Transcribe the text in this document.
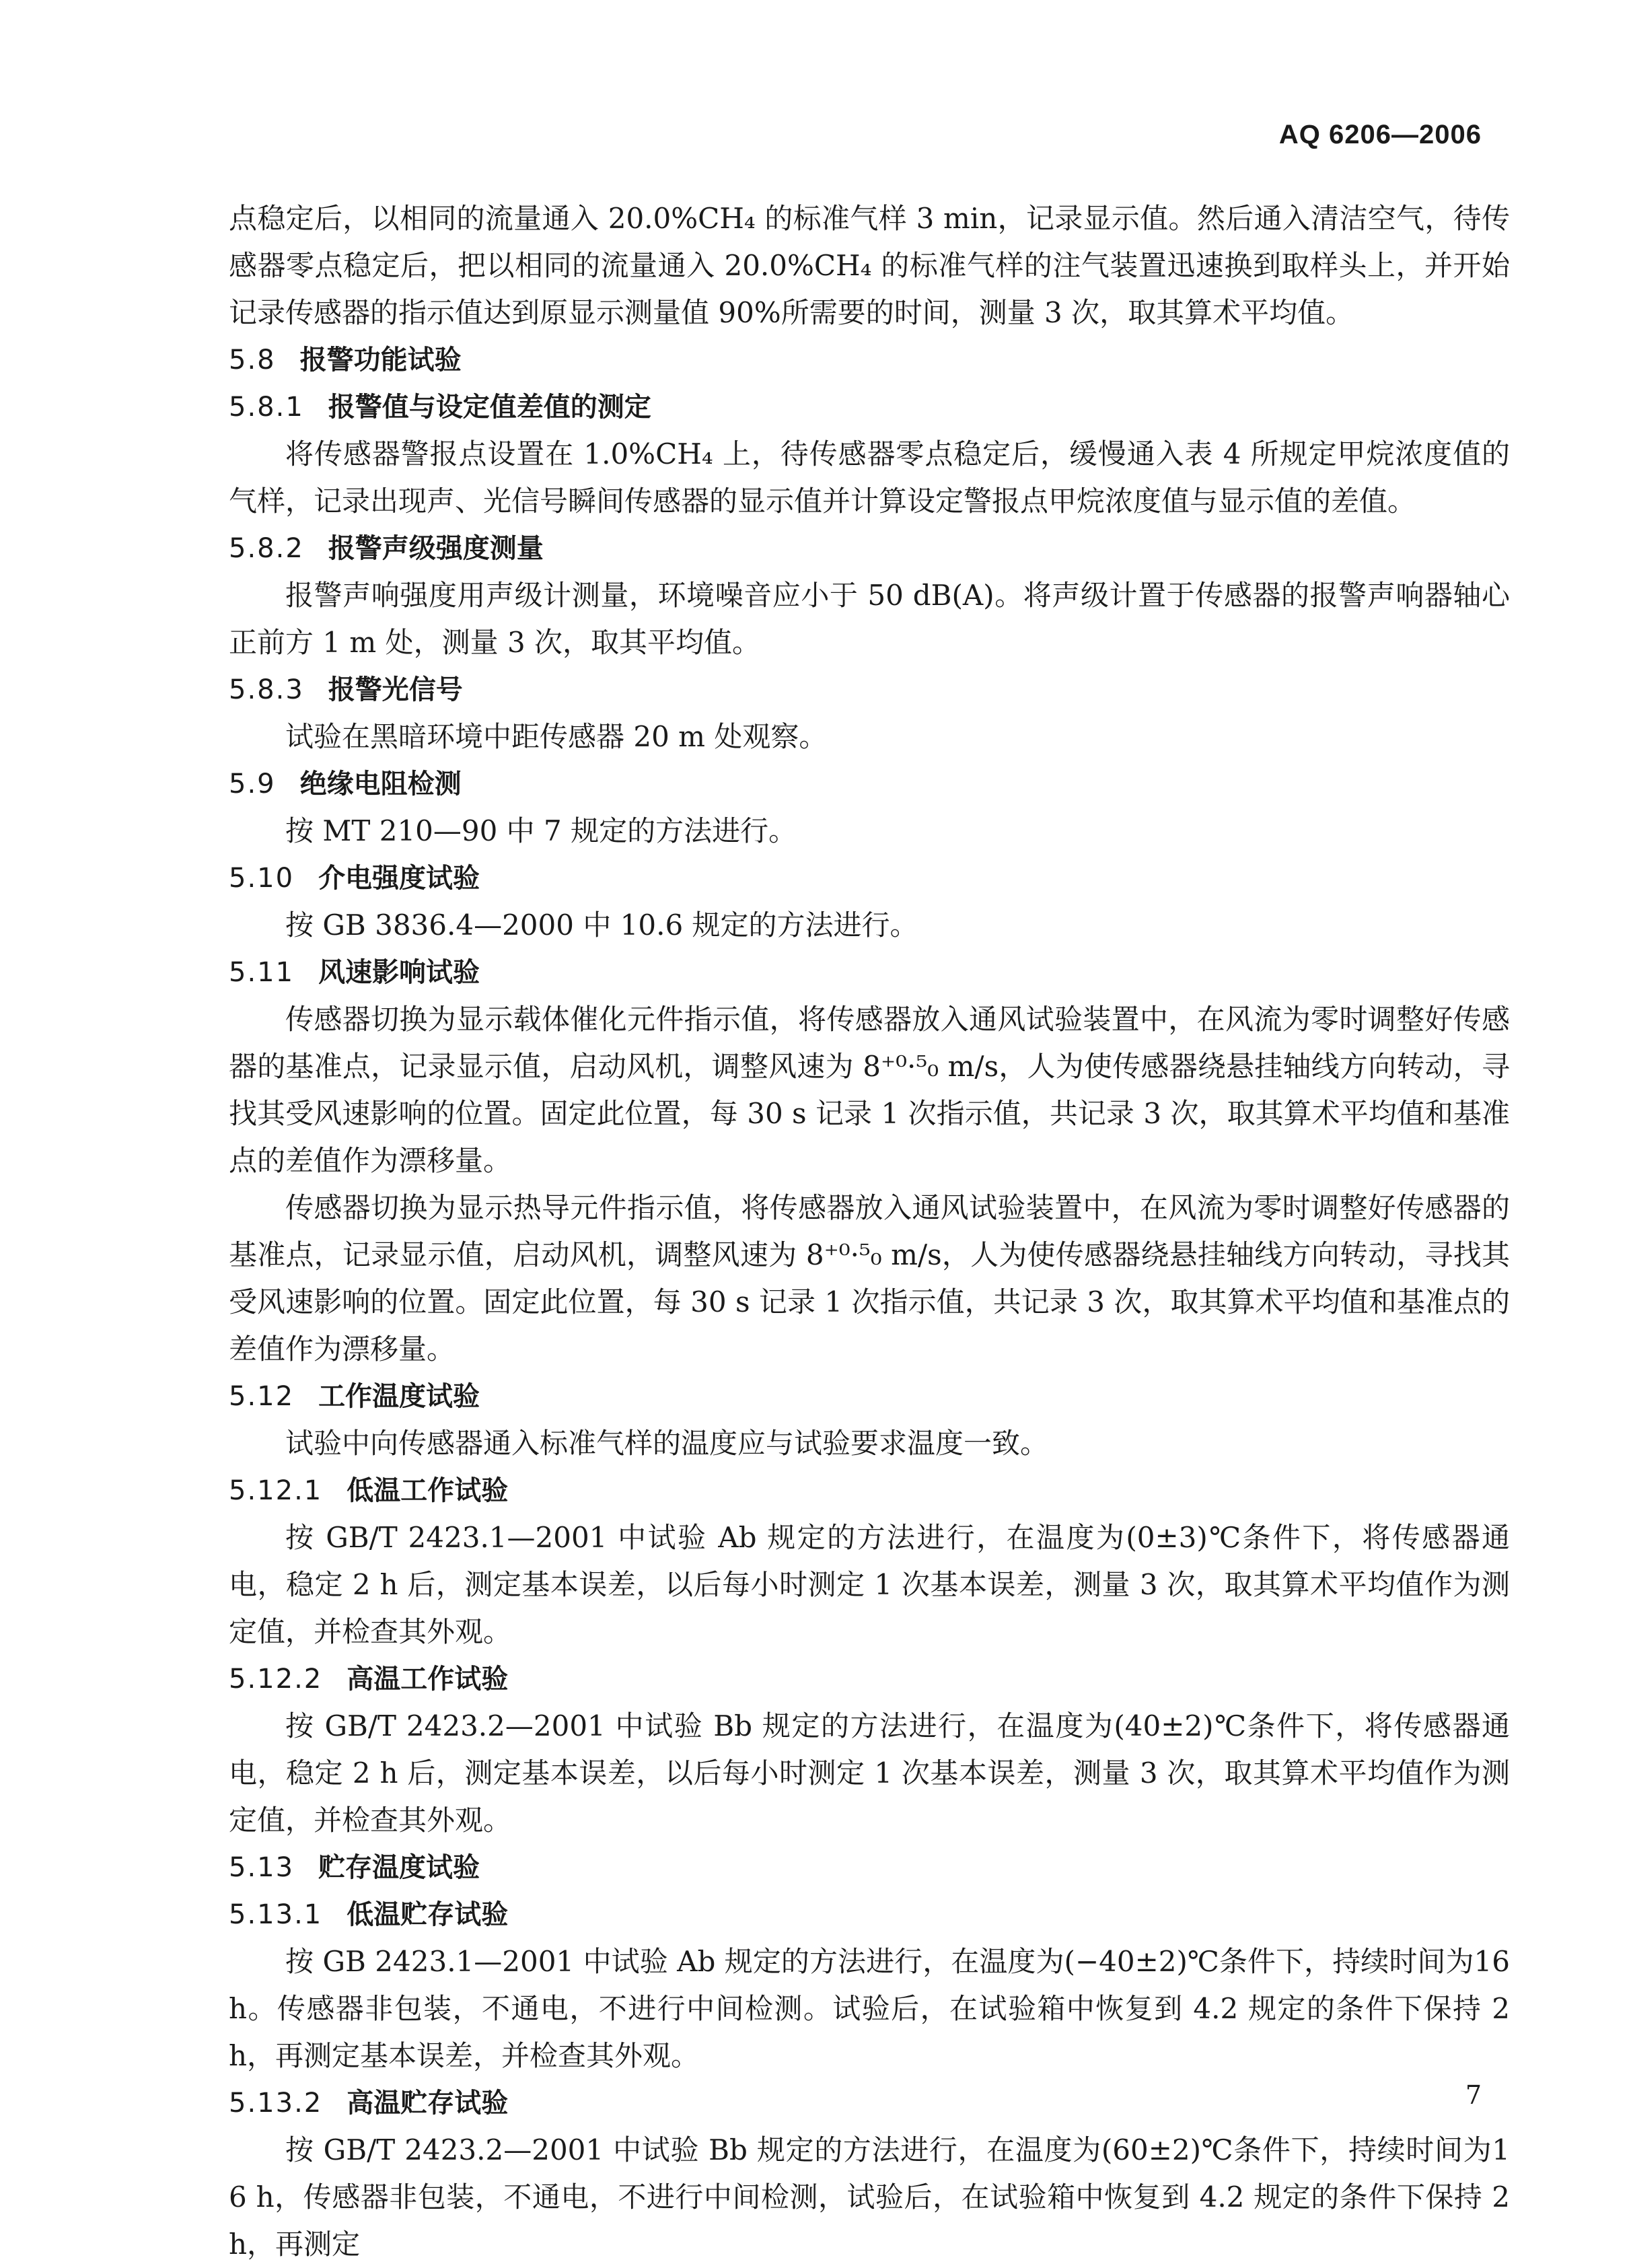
AQ 6206—2006

点稳定后，以相同的流量通入 20.0%CH₄ 的标准气样 3 min，记录显示值。然后通入清洁空气，待传感器零点稳定后，把以相同的流量通入 20.0%CH₄ 的标准气样的注气装置迅速换到取样头上，并开始记录传感器的指示值达到原显示测量值 90%所需要的时间，测量 3 次，取其算术平均值。

5.8 报警功能试验
5.8.1 报警值与设定值差值的测定

将传感器警报点设置在 1.0%CH₄ 上，待传感器零点稳定后，缓慢通入表 4 所规定甲烷浓度值的气样，记录出现声、光信号瞬间传感器的显示值并计算设定警报点甲烷浓度值与显示值的差值。

5.8.2 报警声级强度测量

报警声响强度用声级计测量，环境噪音应小于 50 dB(A)。将声级计置于传感器的报警声响器轴心正前方 1 m 处，测量 3 次，取其平均值。

5.8.3 报警光信号

试验在黑暗环境中距传感器 20 m 处观察。

5.9 绝缘电阻检测

按 MT 210—90 中 7 规定的方法进行。

5.10 介电强度试验

按 GB 3836.4—2000 中 10.6 规定的方法进行。

5.11 风速影响试验

传感器切换为显示载体催化元件指示值，将传感器放入通风试验装置中，在风流为零时调整好传感器的基准点，记录显示值，启动风机，调整风速为 8⁺⁰·⁵₀ m/s，人为使传感器绕悬挂轴线方向转动，寻找其受风速影响的位置。固定此位置，每 30 s 记录 1 次指示值，共记录 3 次，取其算术平均值和基准点的差值作为漂移量。

传感器切换为显示热导元件指示值，将传感器放入通风试验装置中，在风流为零时调整好传感器的基准点，记录显示值，启动风机，调整风速为 8⁺⁰·⁵₀ m/s，人为使传感器绕悬挂轴线方向转动，寻找其受风速影响的位置。固定此位置，每 30 s 记录 1 次指示值，共记录 3 次，取其算术平均值和基准点的差值作为漂移量。

5.12 工作温度试验

试验中向传感器通入标准气样的温度应与试验要求温度一致。

5.12.1 低温工作试验

按 GB/T 2423.1—2001 中试验 Ab 规定的方法进行，在温度为(0±3)℃条件下，将传感器通电，稳定 2 h 后，测定基本误差，以后每小时测定 1 次基本误差，测量 3 次，取其算术平均值作为测定值，并检查其外观。

5.12.2 高温工作试验

按 GB/T 2423.2—2001 中试验 Bb 规定的方法进行，在温度为(40±2)℃条件下，将传感器通电，稳定 2 h 后，测定基本误差，以后每小时测定 1 次基本误差，测量 3 次，取其算术平均值作为测定值，并检查其外观。

5.13 贮存温度试验
5.13.1 低温贮存试验

按 GB 2423.1—2001 中试验 Ab 规定的方法进行，在温度为(−40±2)℃条件下，持续时间为16 h。传感器非包装，不通电，不进行中间检测。试验后，在试验箱中恢复到 4.2 规定的条件下保持 2 h，再测定基本误差，并检查其外观。

5.13.2 高温贮存试验

按 GB/T 2423.2—2001 中试验 Bb 规定的方法进行，在温度为(60±2)℃条件下，持续时间为16 h，传感器非包装，不通电，不进行中间检测，试验后，在试验箱中恢复到 4.2 规定的条件下保持 2 h，再测定

7
